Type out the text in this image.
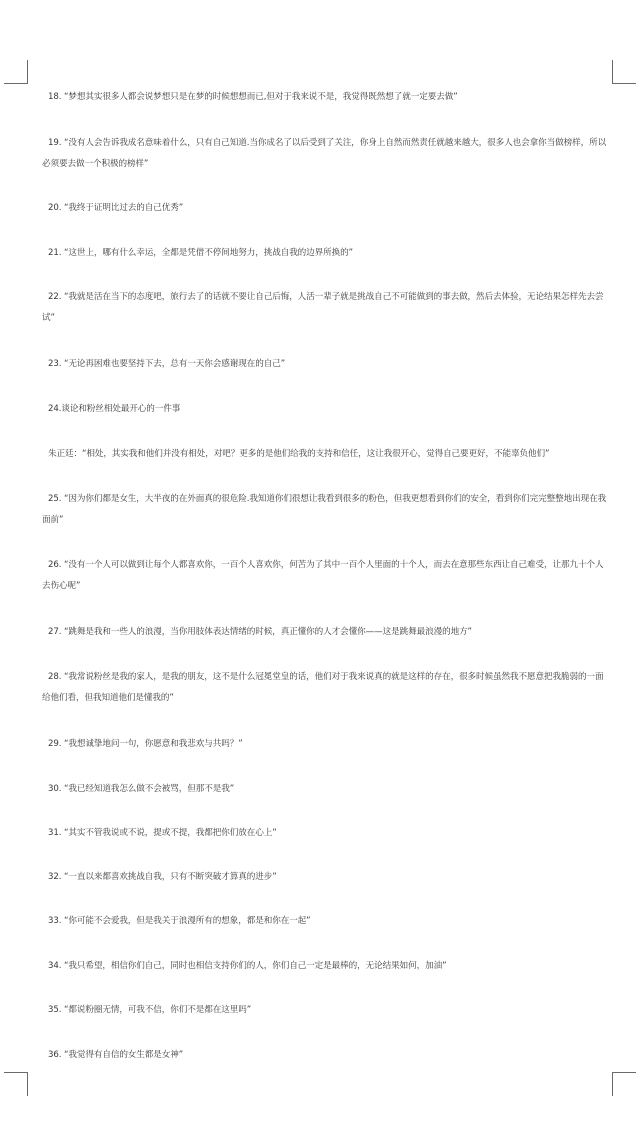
18. “梦想其实很多人都会说梦想只是在梦的时候想想而已,但对于我来说不是，我觉得既然想了就一定要去做”
19. “没有人会告诉我成名意味着什么，只有自己知道.当你成名了以后受到了关注，你身上自然而然责任就越来越大，很多人也会拿你当做榜样，所以必须要去做一个积极的榜样”
20. “我终于证明比过去的自己优秀”
21. “这世上，哪有什么幸运，全都是凭借不停间地努力，挑战自我的边界所换的”
22. “我就是活在当下的态度吧，旅行去了的话就不要让自己后悔，人活一辈子就是挑战自己不可能做到的事去做，然后去体验，无论结果怎样先去尝试”
23. “无论再困难也要坚持下去，总有一天你会感谢现在的自己”
24.谈论和粉丝相处最开心的一件事
朱正廷：“相处，其实我和他们并没有相处，对吧？更多的是他们给我的支持和信任，这让我很开心，觉得自己要更好，不能辜负他们”
25. “因为你们都是女生，大半夜的在外面真的很危险.我知道你们很想让我看到很多的粉色，但我更想看到你们的安全，看到你们完完整整地出现在我面前”
26. “没有一个人可以做到让每个人都喜欢你，一百个人喜欢你，何苦为了其中一百个人里面的十个人，而去在意那些东西让自己难受，让那九十个人去伤心呢”
27. “跳舞是我和一些人的浪漫，当你用肢体表达情绪的时候，真正懂你的人才会懂你——这是跳舞最浪漫的地方”
28. “我常说粉丝是我的家人，是我的朋友，这不是什么冠冕堂皇的话，他们对于我来说真的就是这样的存在，很多时候虽然我不愿意把我脆弱的一面给他们看，但我知道他们是懂我的”
29. “我想诚挚地问一句，你愿意和我悲欢与共吗？”
30. “我已经知道我怎么做不会被骂，但那不是我”
31. “其实不管我说或不说，提或不提，我都把你们放在心上”
32. “一直以来都喜欢挑战自我，只有不断突破才算真的进步”
33. “你可能不会爱我，但是我关于浪漫所有的想象，都是和你在一起”
34. “我只希望，相信你们自己，同时也相信支持你们的人，你们自己一定是最棒的，无论结果如何，加油”
35. “都说粉圈无情，可我不信，你们不是都在这里吗”
36. “我觉得有自信的女生都是女神”
